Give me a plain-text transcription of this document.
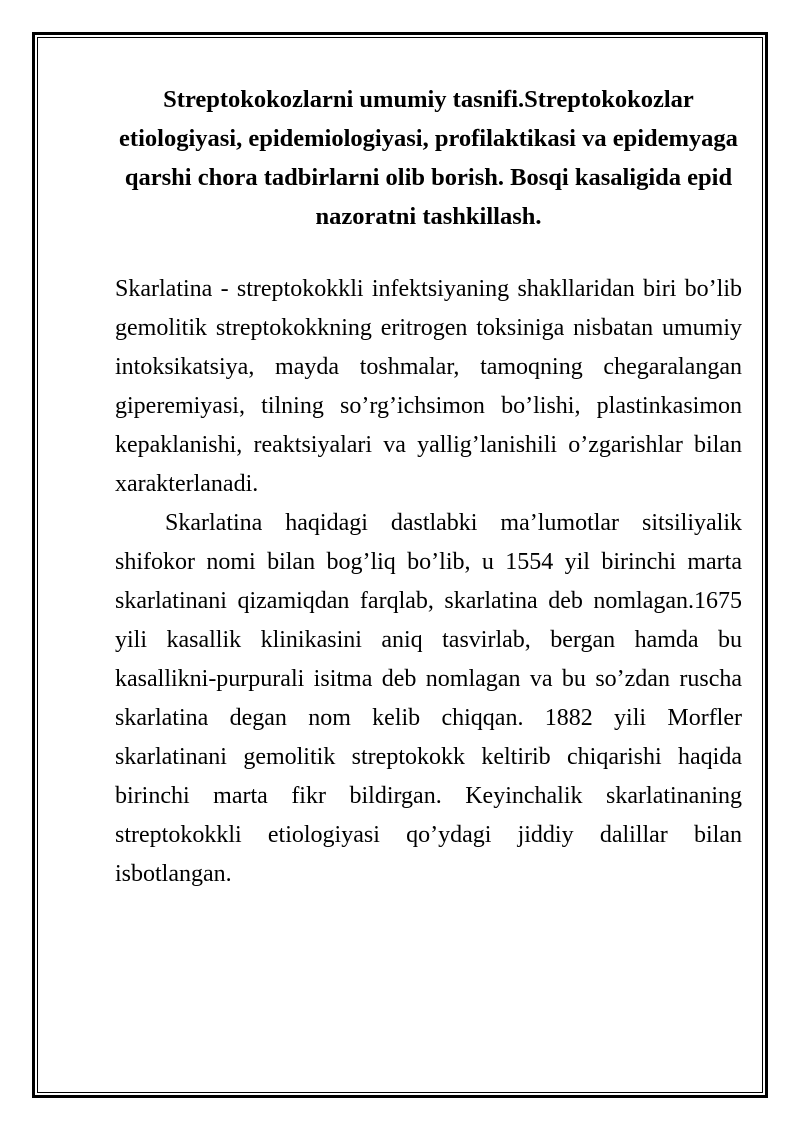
Streptokokozlarni umumiy tasnifi.Streptokokozlar etiologiyasi, epidemiologiyasi, profilaktikasi va epidemyaga qarshi chora tadbirlarni olib borish. Bosqi kasaligida epid nazoratni tashkillash.

Skarlatina - streptokokkli infektsiyaning shakllaridan biri bo’lib gemolitik streptokokkning eritrogen toksiniga nisbatan umumiy intoksikatsiya, mayda toshmalar, tamoqning chegaralangan giperemiyasi, tilning so’rg’ichsimon bo’lishi, plastinkasimon kepaklanishi, reaktsiyalari va yallig’lanishili o’zgarishlar bilan xarakterlanadi.

Skarlatina haqidagi dastlabki ma’lumotlar sitsiliyalik shifokor nomi bilan bog’liq bo’lib, u 1554 yil birinchi marta skarlatinani qizamiqdan farqlab, skarlatina deb nomlagan.1675 yili kasallik klinikasini aniq tasvirlab, bergan hamda bu kasallikni-purpurali isitma deb nomlagan va bu so’zdan ruscha skarlatina degan nom kelib chiqqan. 1882 yili Morfler skarlatinani gemolitik streptokokk keltirib chiqarishi haqida birinchi marta fikr bildirgan. Keyinchalik skarlatinaning streptokokkli etiologiyasi qo’ydagi jiddiy dalillar bilan isbotlangan.
